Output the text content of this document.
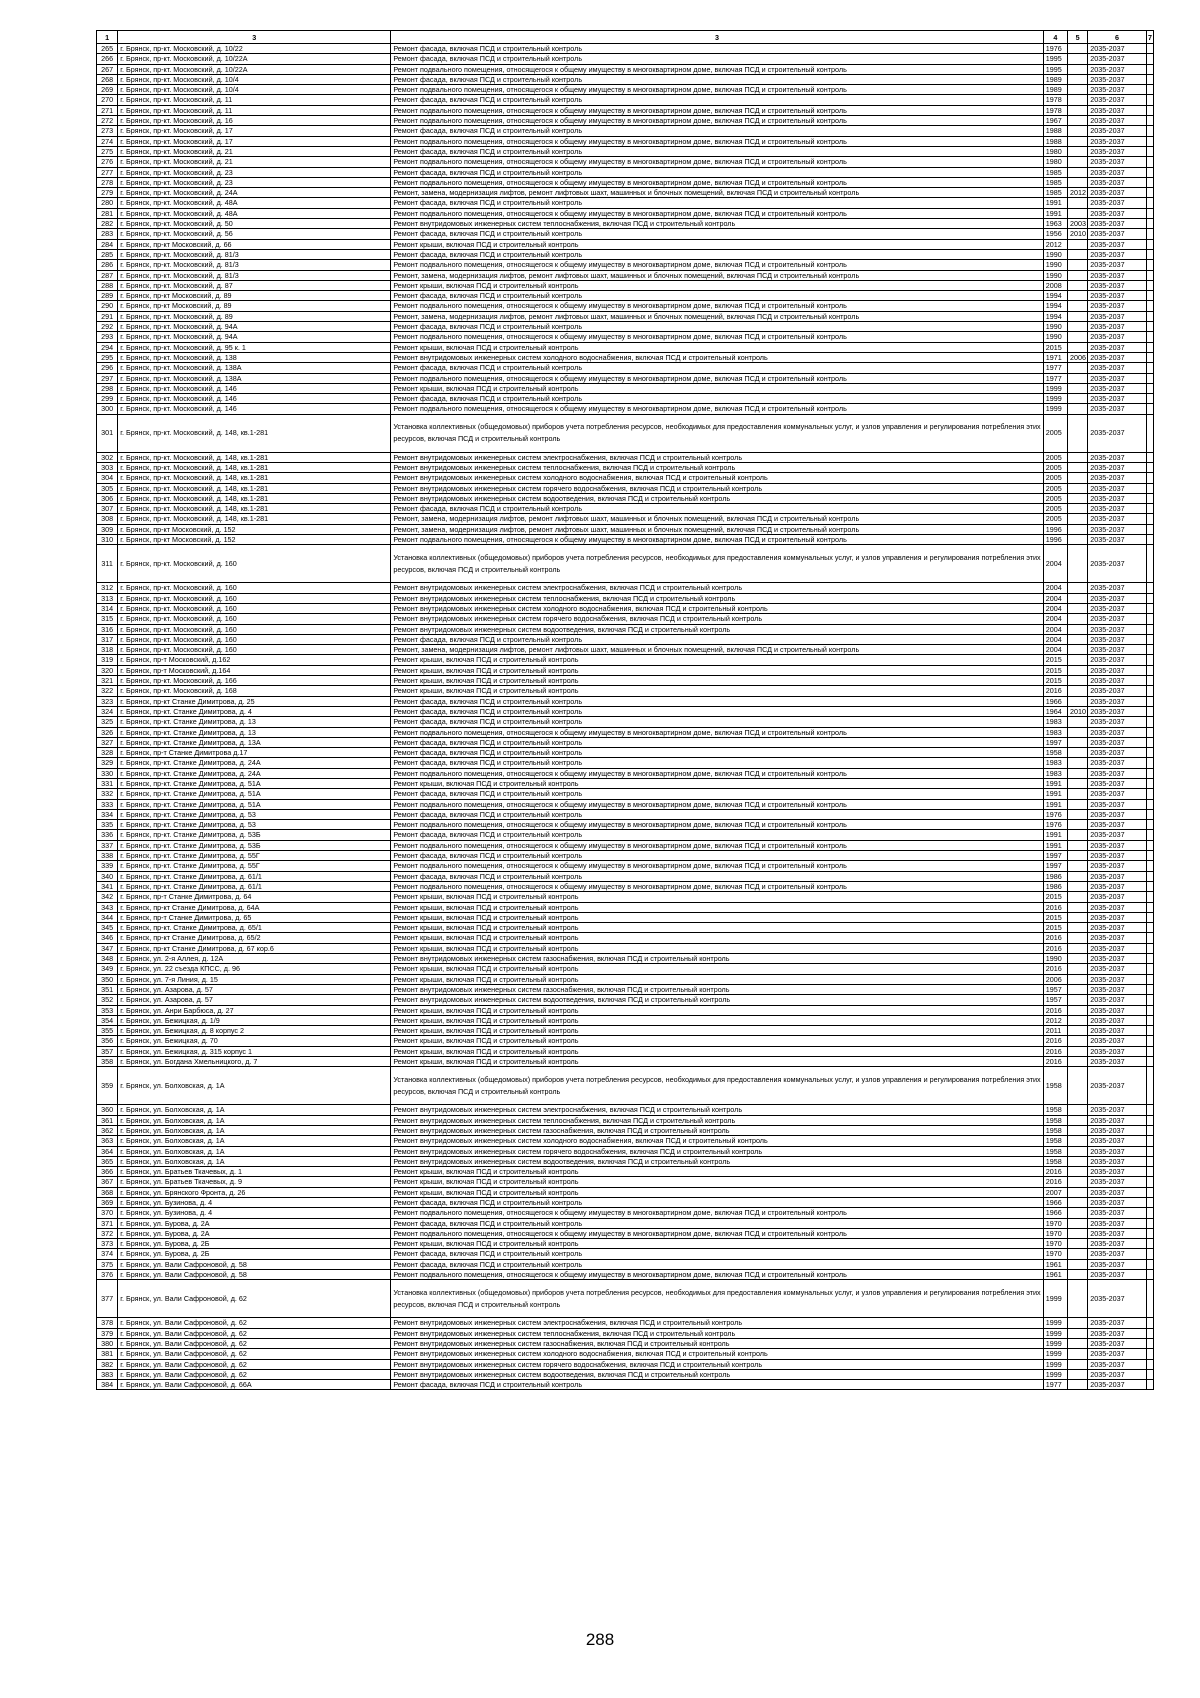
1	3	3	4	5	6	7
265	г. Брянск, пр-кт. Московский, д. 10/22	Ремонт фасада, включая ПСД и строительный контроль	1976		2035-2037	
266	г. Брянск, пр-кт. Московский, д. 10/22А	Ремонт фасада, включая ПСД и строительный контроль	1995		2035-2037	
267	г. Брянск, пр-кт. Московский, д. 10/22А	Ремонт подвального помещения, относящегося к общему имуществу в многоквартирном доме, включая ПСД и строительный контроль	1995		2035-2037	
268	г. Брянск, пр-кт. Московский, д. 10/4	Ремонт фасада, включая ПСД и строительный контроль	1989		2035-2037	
269	г. Брянск, пр-кт. Московский, д. 10/4	Ремонт подвального помещения, относящегося к общему имуществу в многоквартирном доме, включая ПСД и строительный контроль	1989		2035-2037	
270	г. Брянск, пр-кт. Московский, д. 11	Ремонт фасада, включая ПСД и строительный контроль	1978		2035-2037	
271	г. Брянск, пр-кт. Московский, д. 11	Ремонт подвального помещения, относящегося к общему имуществу в многоквартирном доме, включая ПСД и строительный контроль	1978		2035-2037	
272	г. Брянск, пр-кт. Московский, д. 16	Ремонт подвального помещения, относящегося к общему имуществу в многоквартирном доме, включая ПСД и строительный контроль	1967		2035-2037	
273	г. Брянск, пр-кт. Московский, д. 17	Ремонт фасада, включая ПСД и строительный контроль	1988		2035-2037	
274	г. Брянск, пр-кт. Московский, д. 17	Ремонт подвального помещения, относящегося к общему имуществу в многоквартирном доме, включая ПСД и строительный контроль	1988		2035-2037	
275	г. Брянск, пр-кт. Московский, д. 21	Ремонт фасада, включая ПСД и строительный контроль	1980		2035-2037	
276	г. Брянск, пр-кт. Московский, д. 21	Ремонт подвального помещения, относящегося к общему имуществу в многоквартирном доме, включая ПСД и строительный контроль	1980		2035-2037	
277	г. Брянск, пр-кт. Московский, д. 23	Ремонт фасада, включая ПСД и строительный контроль	1985		2035-2037	
278	г. Брянск, пр-кт. Московский, д. 23	Ремонт подвального помещения, относящегося к общему имуществу в многоквартирном доме, включая ПСД и строительный контроль	1985		2035-2037	
279	г. Брянск, пр-кт. Московский, д. 24А	Ремонт, замена, модернизация лифтов, ремонт лифтовых шахт, машинных и блочных помещений, включая ПСД и строительный контроль	1985	2012	2035-2037	
280	г. Брянск, пр-кт. Московский, д. 48А	Ремонт фасада, включая ПСД и строительный контроль	1991		2035-2037	
281	г. Брянск, пр-кт. Московский, д. 48А	Ремонт подвального помещения, относящегося к общему имуществу в многоквартирном доме, включая ПСД и строительный контроль	1991		2035-2037	
282	г. Брянск, пр-кт. Московский, д. 50	Ремонт внутридомовых инженерных систем теплоснабжения, включая ПСД и строительный контроль	1963	2003	2035-2037	
283	г. Брянск, пр-кт. Московский, д. 56	Ремонт фасада, включая ПСД и строительный контроль	1956	2010	2035-2037	
284	г. Брянск, пр-кт Московский, д. 66	Ремонт крыши, включая ПСД и строительный контроль	2012		2035-2037	
285	г. Брянск, пр-кт. Московский, д. 81/3	Ремонт фасада, включая ПСД и строительный контроль	1990		2035-2037	
286	г. Брянск, пр-кт. Московский, д. 81/3	Ремонт подвального помещения, относящегося к общему имуществу в многоквартирном доме, включая ПСД и строительный контроль	1990		2035-2037	
287	г. Брянск, пр-кт. Московский, д. 81/3	Ремонт, замена, модернизация лифтов, ремонт лифтовых шахт, машинных и блочных помещений, включая ПСД и строительный контроль	1990		2035-2037	
288	г. Брянск, пр-кт. Московский, д. 87	Ремонт крыши, включая ПСД и строительный контроль	2008		2035-2037	
289	г. Брянск, пр-кт Московский, д. 89	Ремонт фасада, включая ПСД и строительный контроль	1994		2035-2037	
290	г. Брянск, пр-кт Московский, д. 89	Ремонт подвального помещения, относящегося к общему имуществу в многоквартирном доме, включая ПСД и строительный контроль	1994		2035-2037	
291	г. Брянск, пр-кт. Московский, д. 89	Ремонт, замена, модернизация лифтов, ремонт лифтовых шахт, машинных и блочных помещений, включая ПСД и строительный контроль	1994		2035-2037	
292	г. Брянск, пр-кт. Московский, д. 94А	Ремонт фасада, включая ПСД и строительный контроль	1990		2035-2037	
293	г. Брянск, пр-кт. Московский, д. 94А	Ремонт подвального помещения, относящегося к общему имуществу в многоквартирном доме, включая ПСД и строительный контроль	1990		2035-2037	
294	г. Брянск, пр-кт. Московский, д. 95 к. 1	Ремонт крыши, включая ПСД и строительный контроль	2015		2035-2037	
295	г. Брянск, пр-кт. Московский, д. 138	Ремонт внутридомовых инженерных систем холодного водоснабжения, включая ПСД и строительный контроль	1971	2006	2035-2037	
296	г. Брянск, пр-кт. Московский, д. 138А	Ремонт фасада, включая ПСД и строительный контроль	1977		2035-2037	
297	г. Брянск, пр-кт. Московский, д. 138А	Ремонт подвального помещения, относящегося к общему имуществу в многоквартирном доме, включая ПСД и строительный контроль	1977		2035-2037	
298	г. Брянск, пр-кт. Московский, д. 146	Ремонт крыши, включая ПСД и строительный контроль	1999		2035-2037	
299	г. Брянск, пр-кт. Московский, д. 146	Ремонт фасада, включая ПСД и строительный контроль	1999		2035-2037	
300	г. Брянск, пр-кт. Московский, д. 146	Ремонт подвального помещения, относящегося к общему имуществу в многоквартирном доме, включая ПСД и строительный контроль	1999		2035-2037	
301	г. Брянск, пр-кт. Московский, д. 148, кв.1-281	Установка коллективных (общедомовых) приборов учета потребления ресурсов, необходимых для предоставления коммунальных услуг, и узлов управления и регулирования потребления этих ресурсов, включая ПСД и строительный контроль	2005		2035-2037	
302	г. Брянск, пр-кт. Московский, д. 148, кв.1-281	Ремонт внутридомовых инженерных систем электроснабжения, включая ПСД и строительный контроль	2005		2035-2037	
303	г. Брянск, пр-кт. Московский, д. 148, кв.1-281	Ремонт внутридомовых инженерных систем теплоснабжения, включая ПСД и строительный контроль	2005		2035-2037	
304	г. Брянск, пр-кт. Московский, д. 148, кв.1-281	Ремонт внутридомовых инженерных систем холодного водоснабжения, включая ПСД и строительный контроль	2005		2035-2037	
305	г. Брянск, пр-кт. Московский, д. 148, кв.1-281	Ремонт внутридомовых инженерных систем горячего водоснабжения, включая ПСД и строительный контроль	2005		2035-2037	
306	г. Брянск, пр-кт. Московский, д. 148, кв.1-281	Ремонт внутридомовых инженерных систем водоотведения, включая ПСД и строительный контроль	2005		2035-2037	
307	г. Брянск, пр-кт. Московский, д. 148, кв.1-281	Ремонт фасада, включая ПСД и строительный контроль	2005		2035-2037	
308	г. Брянск, пр-кт. Московский, д. 148, кв.1-281	Ремонт, замена, модернизация лифтов, ремонт лифтовых шахт, машинных и блочных помещений, включая ПСД и строительный контроль	2005		2035-2037	
309	г. Брянск, пр-кт Московский, д. 152	Ремонт, замена, модернизация лифтов, ремонт лифтовых шахт, машинных и блочных помещений, включая ПСД и строительный контроль	1996		2035-2037	
310	г. Брянск, пр-кт Московский, д. 152	Ремонт подвального помещения, относящегося к общему имуществу в многоквартирном доме, включая ПСД и строительный контроль	1996		2035-2037	
311	г. Брянск, пр-кт. Московский, д. 160	Установка коллективных (общедомовых) приборов учета потребления ресурсов, необходимых для предоставления коммунальных услуг, и узлов управления и регулирования потребления этих ресурсов, включая ПСД и строительный контроль	2004		2035-2037	
312	г. Брянск, пр-кт. Московский, д. 160	Ремонт внутридомовых инженерных систем электроснабжения, включая ПСД и строительный контроль	2004		2035-2037	
313	г. Брянск, пр-кт. Московский, д. 160	Ремонт внутридомовых инженерных систем теплоснабжения, включая ПСД и строительный контроль	2004		2035-2037	
314	г. Брянск, пр-кт. Московский, д. 160	Ремонт внутридомовых инженерных систем холодного водоснабжения, включая ПСД и строительный контроль	2004		2035-2037	
315	г. Брянск, пр-кт. Московский, д. 160	Ремонт внутридомовых инженерных систем горячего водоснабжения, включая ПСД и строительный контроль	2004		2035-2037	
316	г. Брянск, пр-кт. Московский, д. 160	Ремонт внутридомовых инженерных систем водоотведения, включая ПСД и строительный контроль	2004		2035-2037	
317	г. Брянск, пр-кт. Московский, д. 160	Ремонт фасада, включая ПСД и строительный контроль	2004		2035-2037	
318	г. Брянск, пр-кт. Московский, д. 160	Ремонт, замена, модернизация лифтов, ремонт лифтовых шахт, машинных и блочных помещений, включая ПСД и строительный контроль	2004		2035-2037	
319	г. Брянск, пр-т Московский, д.162	Ремонт крыши, включая ПСД и строительный контроль	2015		2035-2037	
320	г. Брянск, пр-т Московский, д.164	Ремонт крыши, включая ПСД и строительный контроль	2015		2035-2037	
321	г. Брянск, пр-кт. Московский, д. 166	Ремонт крыши, включая ПСД и строительный контроль	2015		2035-2037	
322	г. Брянск, пр-кт. Московский, д. 168	Ремонт крыши, включая ПСД и строительный контроль	2016		2035-2037	
323	г. Брянск, пр-кт Станке Димитрова, д. 25	Ремонт фасада, включая ПСД и строительный контроль	1966		2035-2037	
324	г. Брянск, пр-кт. Станке Димитрова, д. 4	Ремонт фасада, включая ПСД и строительный контроль	1964	2010	2035-2037	
325	г. Брянск, пр-кт. Станке Димитрова, д. 13	Ремонт фасада, включая ПСД и строительный контроль	1983		2035-2037	
326	г. Брянск, пр-кт. Станке Димитрова, д. 13	Ремонт подвального помещения, относящегося к общему имуществу в многоквартирном доме, включая ПСД и строительный контроль	1983		2035-2037	
327	г. Брянск, пр-кт. Станке Димитрова, д. 13А	Ремонт фасада, включая ПСД и строительный контроль	1997		2035-2037	
328	г. Брянск, пр-т Станке Димитрова д.17	Ремонт фасада, включая ПСД и строительный контроль	1958		2035-2037	
329	г. Брянск, пр-кт. Станке Димитрова, д. 24А	Ремонт фасада, включая ПСД и строительный контроль	1983		2035-2037	
330	г. Брянск, пр-кт. Станке Димитрова, д. 24А	Ремонт подвального помещения, относящегося к общему имуществу в многоквартирном доме, включая ПСД и строительный контроль	1983		2035-2037	
331	г. Брянск, пр-кт. Станке Димитрова, д. 51А	Ремонт крыши, включая ПСД и строительный контроль	1991		2035-2037	
332	г. Брянск, пр-кт. Станке Димитрова, д. 51А	Ремонт фасада, включая ПСД и строительный контроль	1991		2035-2037	
333	г. Брянск, пр-кт. Станке Димитрова, д. 51А	Ремонт подвального помещения, относящегося к общему имуществу в многоквартирном доме, включая ПСД и строительный контроль	1991		2035-2037	
334	г. Брянск, пр-кт. Станке Димитрова, д. 53	Ремонт фасада, включая ПСД и строительный контроль	1976		2035-2037	
335	г. Брянск, пр-кт. Станке Димитрова, д. 53	Ремонт подвального помещения, относящегося к общему имуществу в многоквартирном доме, включая ПСД и строительный контроль	1976		2035-2037	
336	г. Брянск, пр-кт. Станке Димитрова, д. 53Б	Ремонт фасада, включая ПСД и строительный контроль	1991		2035-2037	
337	г. Брянск, пр-кт. Станке Димитрова, д. 53Б	Ремонт подвального помещения, относящегося к общему имуществу в многоквартирном доме, включая ПСД и строительный контроль	1991		2035-2037	
338	г. Брянск, пр-кт. Станке Димитрова, д. 55Г	Ремонт фасада, включая ПСД и строительный контроль	1997		2035-2037	
339	г. Брянск, пр-кт. Станке Димитрова, д. 55Г	Ремонт подвального помещения, относящегося к общему имуществу в многоквартирном доме, включая ПСД и строительный контроль	1997		2035-2037	
340	г. Брянск, пр-кт. Станке Димитрова, д. 61/1	Ремонт фасада, включая ПСД и строительный контроль	1986		2035-2037	
341	г. Брянск, пр-кт. Станке Димитрова, д. 61/1	Ремонт подвального помещения, относящегося к общему имуществу в многоквартирном доме, включая ПСД и строительный контроль	1986		2035-2037	
342	г. Брянск, пр-т Станке Димитрова, д. 64	Ремонт крыши, включая ПСД и строительный контроль	2015		2035-2037	
343	г. Брянск, пр-кт Станке Димитрова, д. 64А	Ремонт крыши, включая ПСД и строительный контроль	2016		2035-2037	
344	г. Брянск, пр-т Станке Димитрова, д. 65	Ремонт крыши, включая ПСД и строительный контроль	2015		2035-2037	
345	г. Брянск, пр-кт. Станке Димитрова, д. 65/1	Ремонт крыши, включая ПСД и строительный контроль	2015		2035-2037	
346	г. Брянск, пр-кт Станке Димитрова, д. 65/2	Ремонт крыши, включая ПСД и строительный контроль	2016		2035-2037	
347	г. Брянск, пр-кт Станке Димитрова, д. 67 кор.6	Ремонт крыши, включая ПСД и строительный контроль	2016		2035-2037	
348	г. Брянск, ул. 2-я Аллея, д. 12А	Ремонт внутридомовых инженерных систем газоснабжения, включая ПСД и строительный контроль	1990		2035-2037	
349	г. Брянск, ул. 22 съезда КПСС, д. 96	Ремонт крыши, включая ПСД и строительный контроль	2016		2035-2037	
350	г. Брянск, ул. 7-я Линия, д. 15	Ремонт крыши, включая ПСД и строительный контроль	2006		2035-2037	
351	г. Брянск, ул. Азарова, д. 57	Ремонт внутридомовых инженерных систем газоснабжения, включая ПСД и строительный контроль	1957		2035-2037	
352	г. Брянск, ул. Азарова, д. 57	Ремонт внутридомовых инженерных систем водоотведения, включая ПСД и строительный контроль	1957		2035-2037	
353	г. Брянск, ул. Анри Барбюса, д. 27	Ремонт крыши, включая ПСД и строительный контроль	2016		2035-2037	
354	г. Брянск, ул. Бежицкая, д. 1/9	Ремонт крыши, включая ПСД и строительный контроль	2012		2035-2037	
355	г. Брянск, ул. Бежицкая, д. 8 корпус 2	Ремонт крыши, включая ПСД и строительный контроль	2011		2035-2037	
356	г. Брянск, ул. Бежицкая, д. 70	Ремонт крыши, включая ПСД и строительный контроль	2016		2035-2037	
357	г. Брянск, ул. Бежицкая, д. 315 корпус 1	Ремонт крыши, включая ПСД и строительный контроль	2016		2035-2037	
358	г. Брянск, ул. Богдана Хмельницкого, д. 7	Ремонт крыши, включая ПСД и строительный контроль	2016		2035-2037	
359	г. Брянск, ул. Болховская, д. 1А	Установка коллективных (общедомовых) приборов учета потребления ресурсов, необходимых для предоставления коммунальных услуг, и узлов управления и регулирования потребления этих ресурсов, включая ПСД и строительный контроль	1958		2035-2037	
360	г. Брянск, ул. Болховская, д. 1А	Ремонт внутридомовых инженерных систем электроснабжения, включая ПСД и строительный контроль	1958		2035-2037	
361	г. Брянск, ул. Болховская, д. 1А	Ремонт внутридомовых инженерных систем теплоснабжения, включая ПСД и строительный контроль	1958		2035-2037	
362	г. Брянск, ул. Болховская, д. 1А	Ремонт внутридомовых инженерных систем газоснабжения, включая ПСД и строительный контроль	1958		2035-2037	
363	г. Брянск, ул. Болховская, д. 1А	Ремонт внутридомовых инженерных систем холодного водоснабжения, включая ПСД и строительный контроль	1958		2035-2037	
364	г. Брянск, ул. Болховская, д. 1А	Ремонт внутридомовых инженерных систем горячего водоснабжения, включая ПСД и строительный контроль	1958		2035-2037	
365	г. Брянск, ул. Болховская, д. 1А	Ремонт внутридомовых инженерных систем водоотведения, включая ПСД и строительный контроль	1958		2035-2037	
366	г. Брянск, ул. Братьев Ткачевых, д. 1	Ремонт крыши, включая ПСД и строительный контроль	2016		2035-2037	
367	г. Брянск, ул. Братьев Ткачевых, д. 9	Ремонт крыши, включая ПСД и строительный контроль	2016		2035-2037	
368	г. Брянск, ул. Брянского Фронта, д. 26	Ремонт крыши, включая ПСД и строительный контроль	2007		2035-2037	
369	г. Брянск, ул. Бузинова, д. 4	Ремонт фасада, включая ПСД и строительный контроль	1966		2035-2037	
370	г. Брянск, ул. Бузинова, д. 4	Ремонт подвального помещения, относящегося к общему имуществу в многоквартирном доме, включая ПСД и строительный контроль	1966		2035-2037	
371	г. Брянск, ул. Бурова, д. 2А	Ремонт фасада, включая ПСД и строительный контроль	1970		2035-2037	
372	г. Брянск, ул. Бурова, д. 2А	Ремонт подвального помещения, относящегося к общему имуществу в многоквартирном доме, включая ПСД и строительный контроль	1970		2035-2037	
373	г. Брянск, ул. Бурова, д. 2Б	Ремонт крыши, включая ПСД и строительный контроль	1970		2035-2037	
374	г. Брянск, ул. Бурова, д. 2Б	Ремонт фасада, включая ПСД и строительный контроль	1970		2035-2037	
375	г. Брянск, ул. Вали Сафроновой, д. 58	Ремонт фасада, включая ПСД и строительный контроль	1961		2035-2037	
376	г. Брянск, ул. Вали Сафроновой, д. 58	Ремонт подвального помещения, относящегося к общему имуществу в многоквартирном доме, включая ПСД и строительный контроль	1961		2035-2037	
377	г. Брянск, ул. Вали Сафроновой, д. 62	Установка коллективных (общедомовых) приборов учета потребления ресурсов, необходимых для предоставления коммунальных услуг, и узлов управления и регулирования потребления этих ресурсов, включая ПСД и строительный контроль	1999		2035-2037	
378	г. Брянск, ул. Вали Сафроновой, д. 62	Ремонт внутридомовых инженерных систем электроснабжения, включая ПСД и строительный контроль	1999		2035-2037	
379	г. Брянск, ул. Вали Сафроновой, д. 62	Ремонт внутридомовых инженерных систем теплоснабжения, включая ПСД и строительный контроль	1999		2035-2037	
380	г. Брянск, ул. Вали Сафроновой, д. 62	Ремонт внутридомовых инженерных систем газоснабжения, включая ПСД и строительный контроль	1999		2035-2037	
381	г. Брянск, ул. Вали Сафроновой, д. 62	Ремонт внутридомовых инженерных систем холодного водоснабжения, включая ПСД и строительный контроль	1999		2035-2037	
382	г. Брянск, ул. Вали Сафроновой, д. 62	Ремонт внутридомовых инженерных систем горячего водоснабжения, включая ПСД и строительный контроль	1999		2035-2037	
383	г. Брянск, ул. Вали Сафроновой, д. 62	Ремонт внутридомовых инженерных систем водоотведения, включая ПСД и строительный контроль	1999		2035-2037	
384	г. Брянск, ул. Вали Сафроновой, д. 66А	Ремонт фасада, включая ПСД и строительный контроль	1977		2035-2037	
288
